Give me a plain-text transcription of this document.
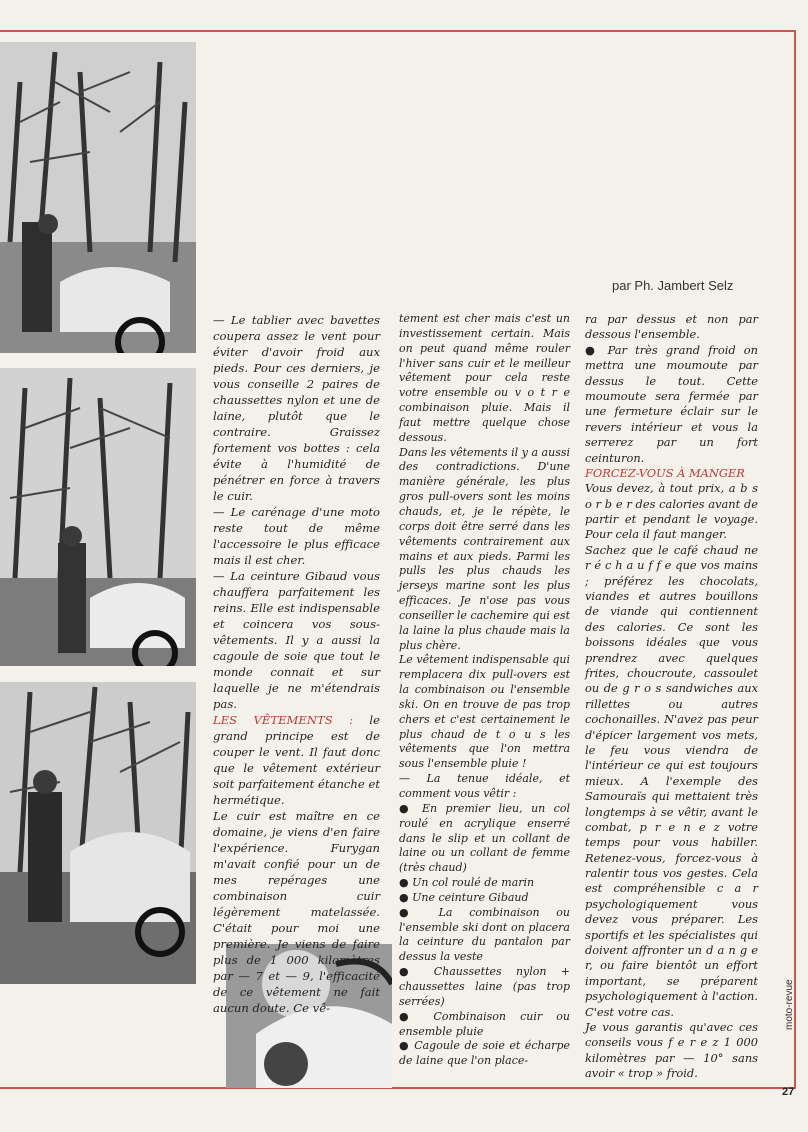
par Ph. Jambert Selz

— Le tablier avec bavettes coupera assez le vent pour éviter d'avoir froid aux pieds. Pour ces derniers, je vous conseille 2 paires de chaussettes nylon et une de laine, plutôt que le contraire. Graissez fortement vos bottes : cela évite à l'humidité de pénétrer en force à travers le cuir.

— Le carénage d'une moto reste tout de même l'accessoire le plus efficace mais il est cher.

— La ceinture Gibaud vous chauffera parfaitement les reins. Elle est indispensable et coincera vos sous-vêtements. Il y a aussi la cagoule de soie que tout le monde connait et sur laquelle je ne m'étendrais pas.

LES VÊTEMENTS : le grand principe est de couper le vent. Il faut donc que le vêtement extérieur soit parfaitement étanche et hermétique.

Le cuir est maître en ce domaine, je viens d'en faire l'expérience. Furygan m'avait confié pour un de mes repérages une combinaison cuir légèrement matelassée. C'était pour moi une première. Je viens de faire plus de 1 000 kilomètres par — 7 et — 9, l'efficacité de ce vêtement ne fait aucun doute. Ce vê-

tement est cher mais c'est un investissement certain. Mais on peut quand même rouler l'hiver sans cuir et le meilleur vêtement pour cela reste votre ensemble ou v o t r e combinaison pluie. Mais il faut mettre quelque chose dessous.

Dans les vêtements il y a aussi des contradictions. D'une manière générale, les plus gros pull-overs sont les moins chauds, et, je le répète, le corps doit être serré dans les vêtements contrairement aux mains et aux pieds. Parmi les pulls les plus chauds les jerseys marine sont les plus efficaces. Je n'ose pas vous conseiller le cachemire qui est la laine la plus chaude mais la plus chère.

Le vêtement indispensable qui remplacera dix pull-overs est la combinaison ou l'ensemble ski. On en trouve de pas trop chers et c'est certainement le plus chaud de t o u s les vêtements que l'on mettra sous l'ensemble pluie !

— La tenue idéale, et comment vous vêtir :

● En premier lieu, un col roulé en acrylique enserré dans le slip et un collant de laine ou un collant de femme (très chaud)

● Un col roulé de marin

● Une ceinture Gibaud

● La combinaison ou l'ensemble ski dont on placera la ceinture du pantalon par dessus la veste

● Chaussettes nylon + chaussettes laine (pas trop serrées)

● Combinaison cuir ou ensemble pluie

● Cagoule de soie et écharpe de laine que l'on place-

ra par dessus et non par dessous l'ensemble.

● Par très grand froid on mettra une moumoute par dessus le tout. Cette moumoute sera fermée par une fermeture éclair sur le revers intérieur et vous la serrerez par un fort ceinturon.

FORCEZ-VOUS À MANGER

Vous devez, à tout prix, a b s o r b e r des calories avant de partir et pendant le voyage. Pour cela il faut manger.

Sachez que le café chaud ne r é c h a u f f e que vos mains ; préférez les chocolats, viandes et autres bouillons de viande qui contiennent des calories. Ce sont les boissons idéales que vous prendrez avec quelques frites, choucroute, cassoulet ou de g r o s sandwiches aux rillettes ou autres cochonailles. N'avez pas peur d'épicer largement vos mets, le feu vous viendra de l'intérieur ce qui est toujours mieux. A l'exemple des Samouraïs qui mettaient très longtemps à se vêtir, avant le combat, p r e n e z votre temps pour vous habiller. Retenez-vous, forcez-vous à ralentir tous vos gestes. Cela est compréhensible c a r psychologiquement vous devez vous préparer. Les sportifs et les spécialistes qui doivent affronter un d a n g e r, ou faire bientôt un effort important, se préparent psychologiquement à l'action. C'est votre cas.

Je vous garantis qu'avec ces conseils vous f e r e z 1 000 kilomètres par — 10° sans avoir « trop » froid.

moto-revue
27
